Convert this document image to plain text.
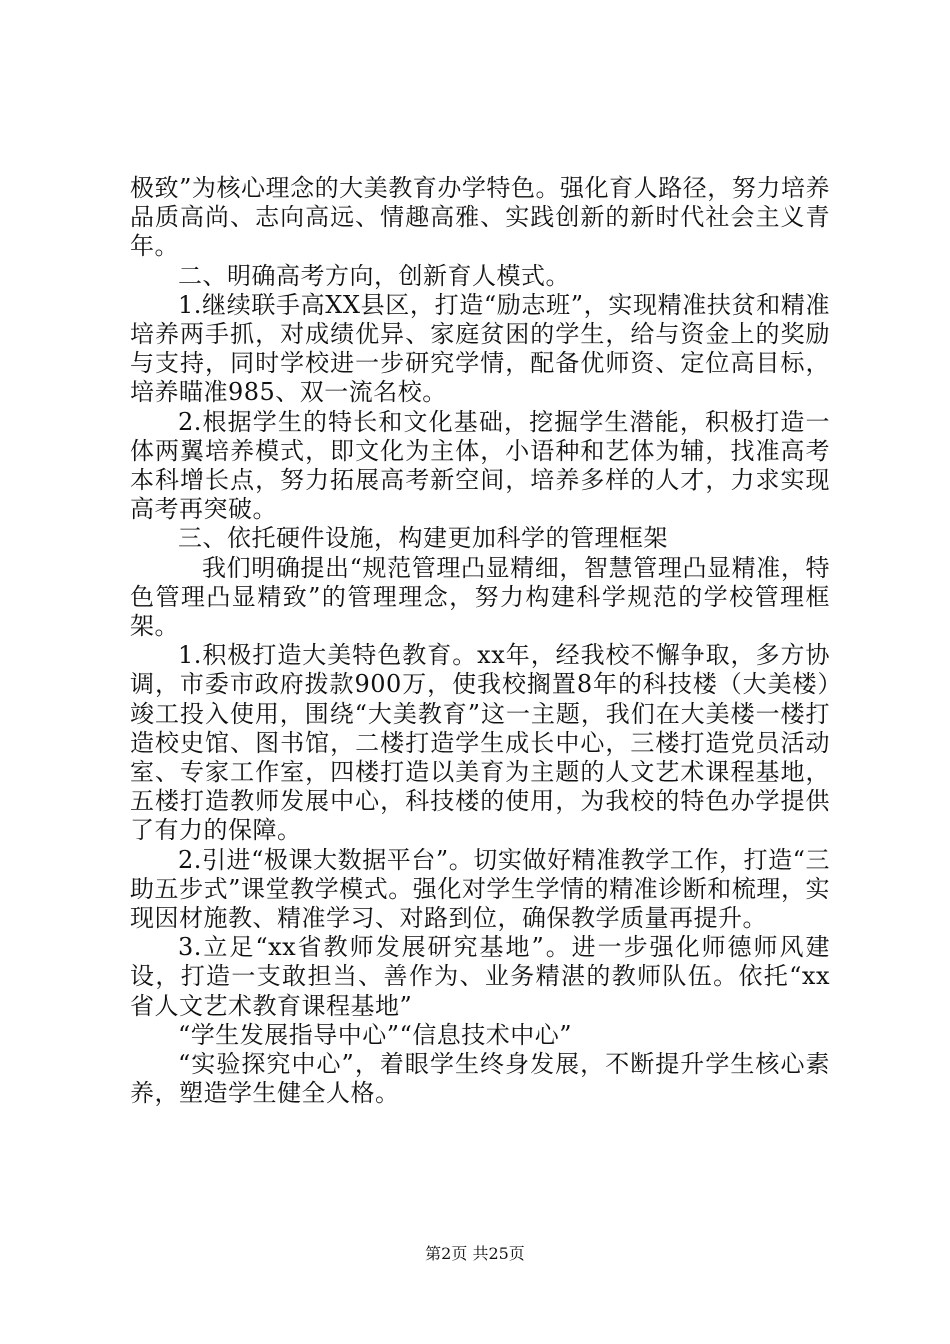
极致”为核心理念的大美教育办学特色。强化育人路径，努力培养品质高尚、志向高远、情趣高雅、实践创新的新时代社会主义青年。

二、明确高考方向，创新育人模式。

1.继续联手高XX县区，打造“励志班”，实现精准扶贫和精准培养两手抓，对成绩优异、家庭贫困的学生，给与资金上的奖励与支持，同时学校进一步研究学情，配备优师资、定位高目标，培养瞄准985、双一流名校。

2.根据学生的特长和文化基础，挖掘学生潜能，积极打造一体两翼培养模式，即文化为主体，小语种和艺体为辅，找准高考本科增长点，努力拓展高考新空间，培养多样的人才，力求实现高考再突破。

三、依托硬件设施，构建更加科学的管理框架

我们明确提出“规范管理凸显精细，智慧管理凸显精准，特色管理凸显精致”的管理理念，努力构建科学规范的学校管理框架。

1.积极打造大美特色教育。xx年，经我校不懈争取，多方协调，市委市政府拨款900万，使我校搁置8年的科技楼（大美楼）竣工投入使用，围绕“大美教育”这一主题，我们在大美楼一楼打造校史馆、图书馆，二楼打造学生成长中心，三楼打造党员活动室、专家工作室，四楼打造以美育为主题的人文艺术课程基地，五楼打造教师发展中心，科技楼的使用，为我校的特色办学提供了有力的保障。

2.引进“极课大数据平台”。切实做好精准教学工作，打造“三助五步式”课堂教学模式。强化对学生学情的精准诊断和梳理，实现因材施教、精准学习、对路到位，确保教学质量再提升。

3.立足“xx省教师发展研究基地”。进一步强化师德师风建设，打造一支敢担当、善作为、业务精湛的教师队伍。依托“xx省人文艺术教育课程基地”

“学生发展指导中心”“信息技术中心”

“实验探究中心”，着眼学生终身发展，不断提升学生核心素养，塑造学生健全人格。

第2页 共25页
